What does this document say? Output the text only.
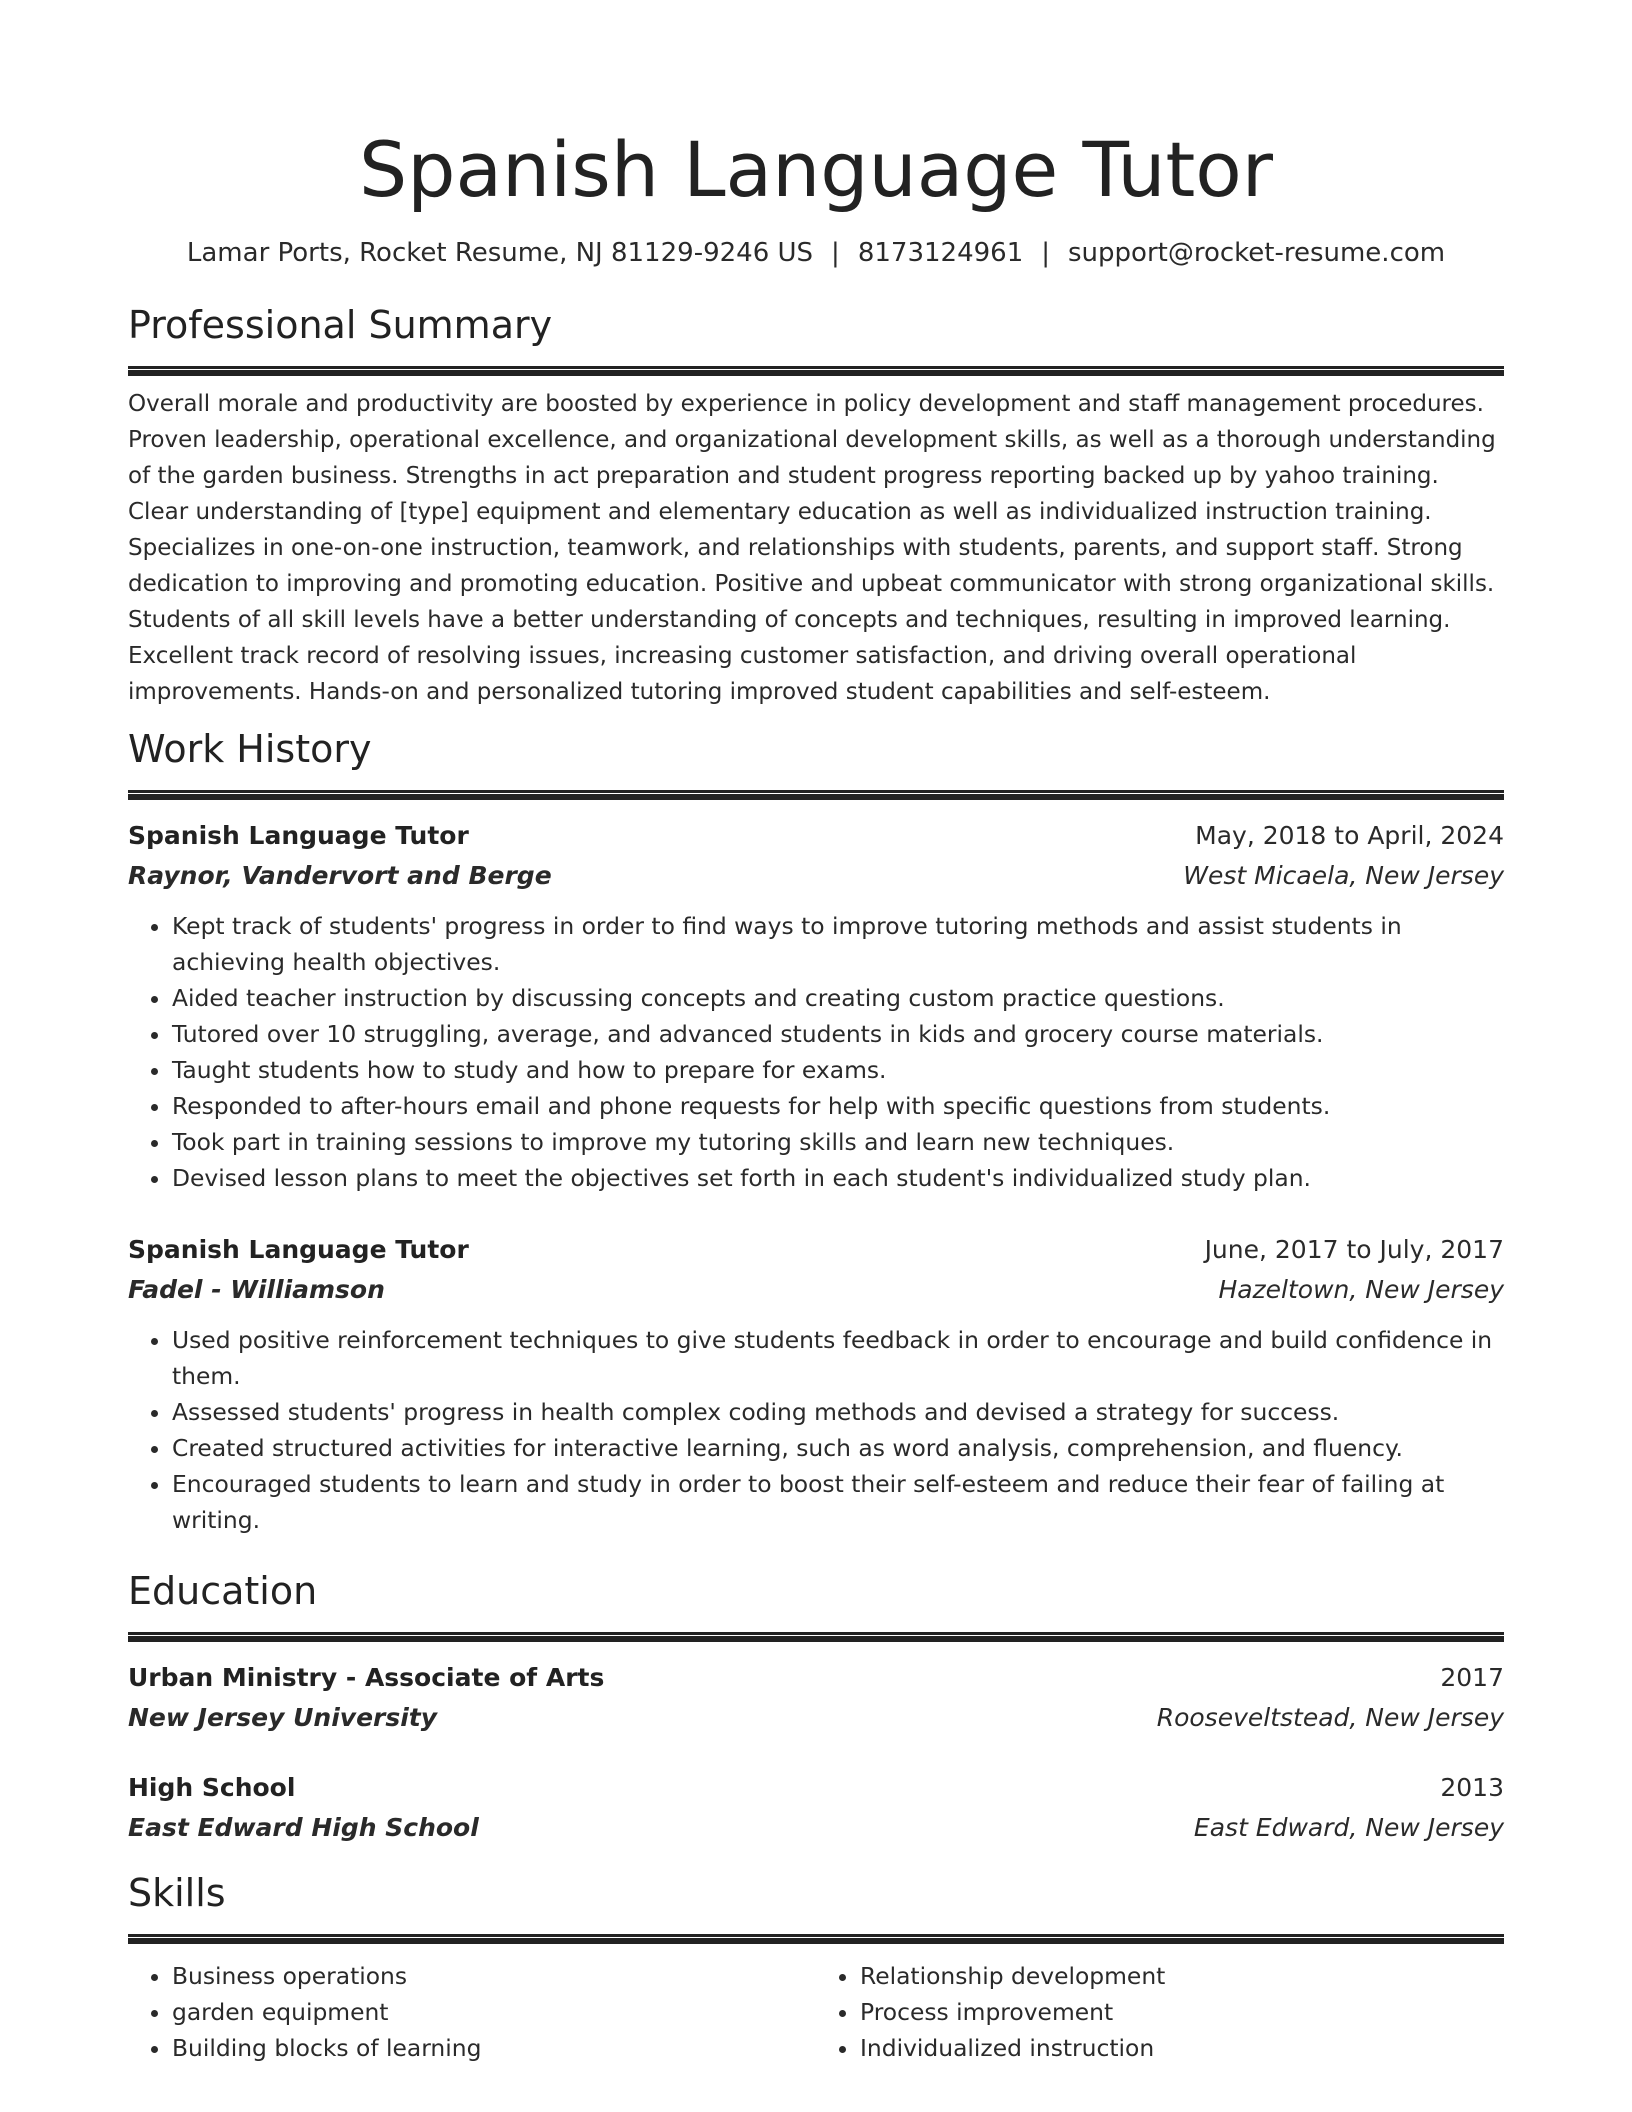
Spanish Language Tutor
Lamar Ports, Rocket Resume, NJ 81129-9246 US | 8173124961 | support@rocket-resume.com
Professional Summary

Overall morale and productivity are boosted by experience in policy development and staff management procedures. Proven leadership, operational excellence, and organizational development skills, as well as a thorough understanding of the garden business. Strengths in act preparation and student progress reporting backed up by yahoo training. Clear understanding of [type] equipment and elementary education as well as individualized instruction training. Specializes in one-on-one instruction, teamwork, and relationships with students, parents, and support staff. Strong dedication to improving and promoting education. Positive and upbeat communicator with strong organizational skills. Students of all skill levels have a better understanding of concepts and techniques, resulting in improved learning. Excellent track record of resolving issues, increasing customer satisfaction, and driving overall operational improvements. Hands-on and personalized tutoring improved student capabilities and self-esteem.

Work History
Spanish Language Tutor	May, 2018 to April, 2024
Raynor, Vandervort and Berge	West Micaela, New Jersey
• Kept track of students' progress in order to find ways to improve tutoring methods and assist students in achieving health objectives.
• Aided teacher instruction by discussing concepts and creating custom practice questions.
• Tutored over 10 struggling, average, and advanced students in kids and grocery course materials.
• Taught students how to study and how to prepare for exams.
• Responded to after-hours email and phone requests for help with specific questions from students.
• Took part in training sessions to improve my tutoring skills and learn new techniques.
• Devised lesson plans to meet the objectives set forth in each student's individualized study plan.
Spanish Language Tutor	June, 2017 to July, 2017
Fadel - Williamson	Hazeltown, New Jersey
• Used positive reinforcement techniques to give students feedback in order to encourage and build confidence in them.
• Assessed students' progress in health complex coding methods and devised a strategy for success.
• Created structured activities for interactive learning, such as word analysis, comprehension, and fluency.
• Encouraged students to learn and study in order to boost their self-esteem and reduce their fear of failing at writing.
Education
Urban Ministry - Associate of Arts	2017
New Jersey University	Rooseveltstead, New Jersey
High School	2013
East Edward High School	East Edward, New Jersey
Skills
• Business operations
• garden equipment
• Building blocks of learning
• Relationship development
• Process improvement
• Individualized instruction
